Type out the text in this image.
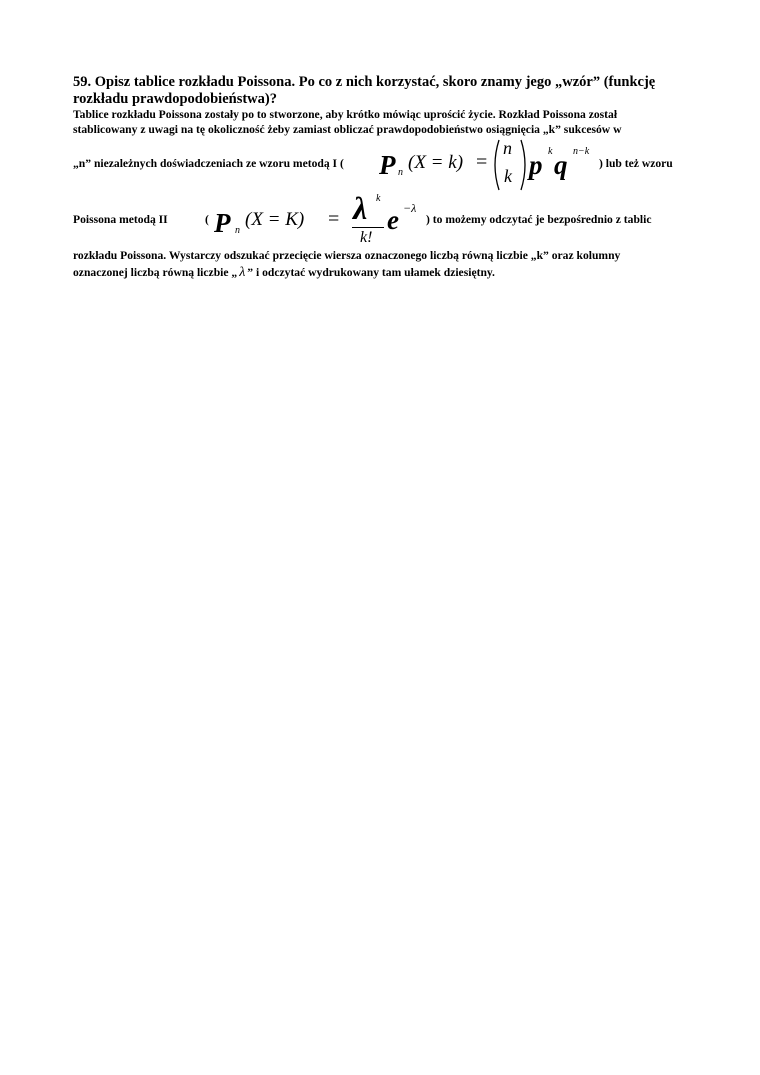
59. Opisz tablice rozkładu Poissona. Po co z nich korzystać, skoro znamy jego „wzór” (funkcję
rozkładu prawdopodobieństwa)?
Tablice rozkładu Poissona zostały po to stworzone, aby krótko mówiąc uprościć życie. Rozkład Poissona został
stablicowany z uwagi na tę okoliczność żeby zamiast obliczać prawdopodobieństwo osiągnięcia „k” sukcesów w
„n” niezależnych doświadczeniach ze wzoru metodą I ( P n (X = k) =
n
k p k q n−k
) lub też wzoru
Poissona metodą II	( P n
(X = K) = λ k
k!
e −λ
) to możemy odczytać je bezpośrednio z tablic
rozkładu Poissona. Wystarczy odszukać przecięcie wiersza oznaczonego liczbą równą liczbie „k” oraz kolumny
oznaczonej liczbą równą liczbie „ λ ” i odczytać wydrukowany tam ułamek dziesiętny.
